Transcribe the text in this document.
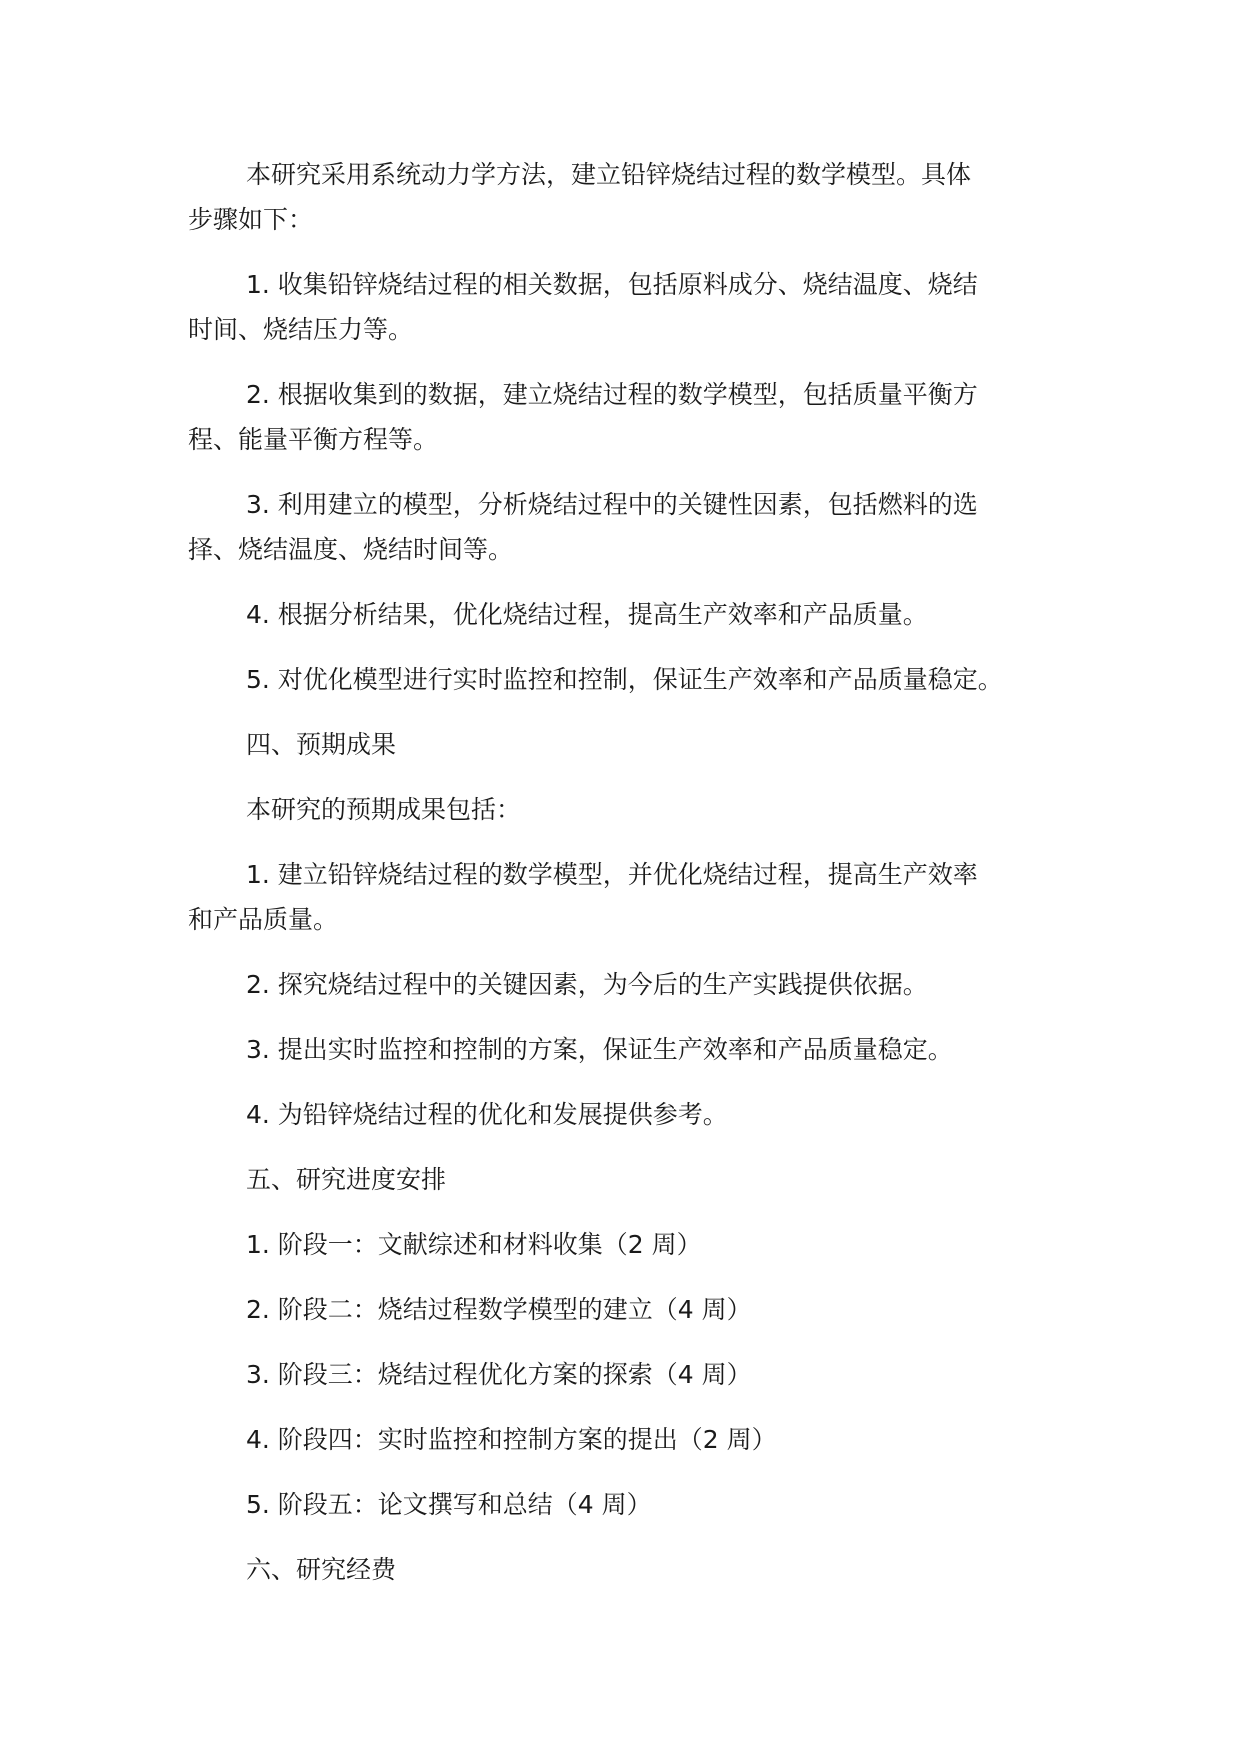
本研究采用系统动力学方法，建立铅锌烧结过程的数学模型。具体
步骤如下：

1. 收集铅锌烧结过程的相关数据，包括原料成分、烧结温度、烧结
时间、烧结压力等。

2. 根据收集到的数据，建立烧结过程的数学模型，包括质量平衡方
程、能量平衡方程等。

3. 利用建立的模型，分析烧结过程中的关键性因素，包括燃料的选
择、烧结温度、烧结时间等。

4. 根据分析结果，优化烧结过程，提高生产效率和产品质量。

5. 对优化模型进行实时监控和控制，保证生产效率和产品质量稳定。

四、预期成果

本研究的预期成果包括：

1. 建立铅锌烧结过程的数学模型，并优化烧结过程，提高生产效率
和产品质量。

2. 探究烧结过程中的关键因素，为今后的生产实践提供依据。

3. 提出实时监控和控制的方案，保证生产效率和产品质量稳定。

4. 为铅锌烧结过程的优化和发展提供参考。

五、研究进度安排

1. 阶段一：文献综述和材料收集（2 周）

2. 阶段二：烧结过程数学模型的建立（4 周）

3. 阶段三：烧结过程优化方案的探索（4 周）

4. 阶段四：实时监控和控制方案的提出（2 周）

5. 阶段五：论文撰写和总结（4 周）

六、研究经费
